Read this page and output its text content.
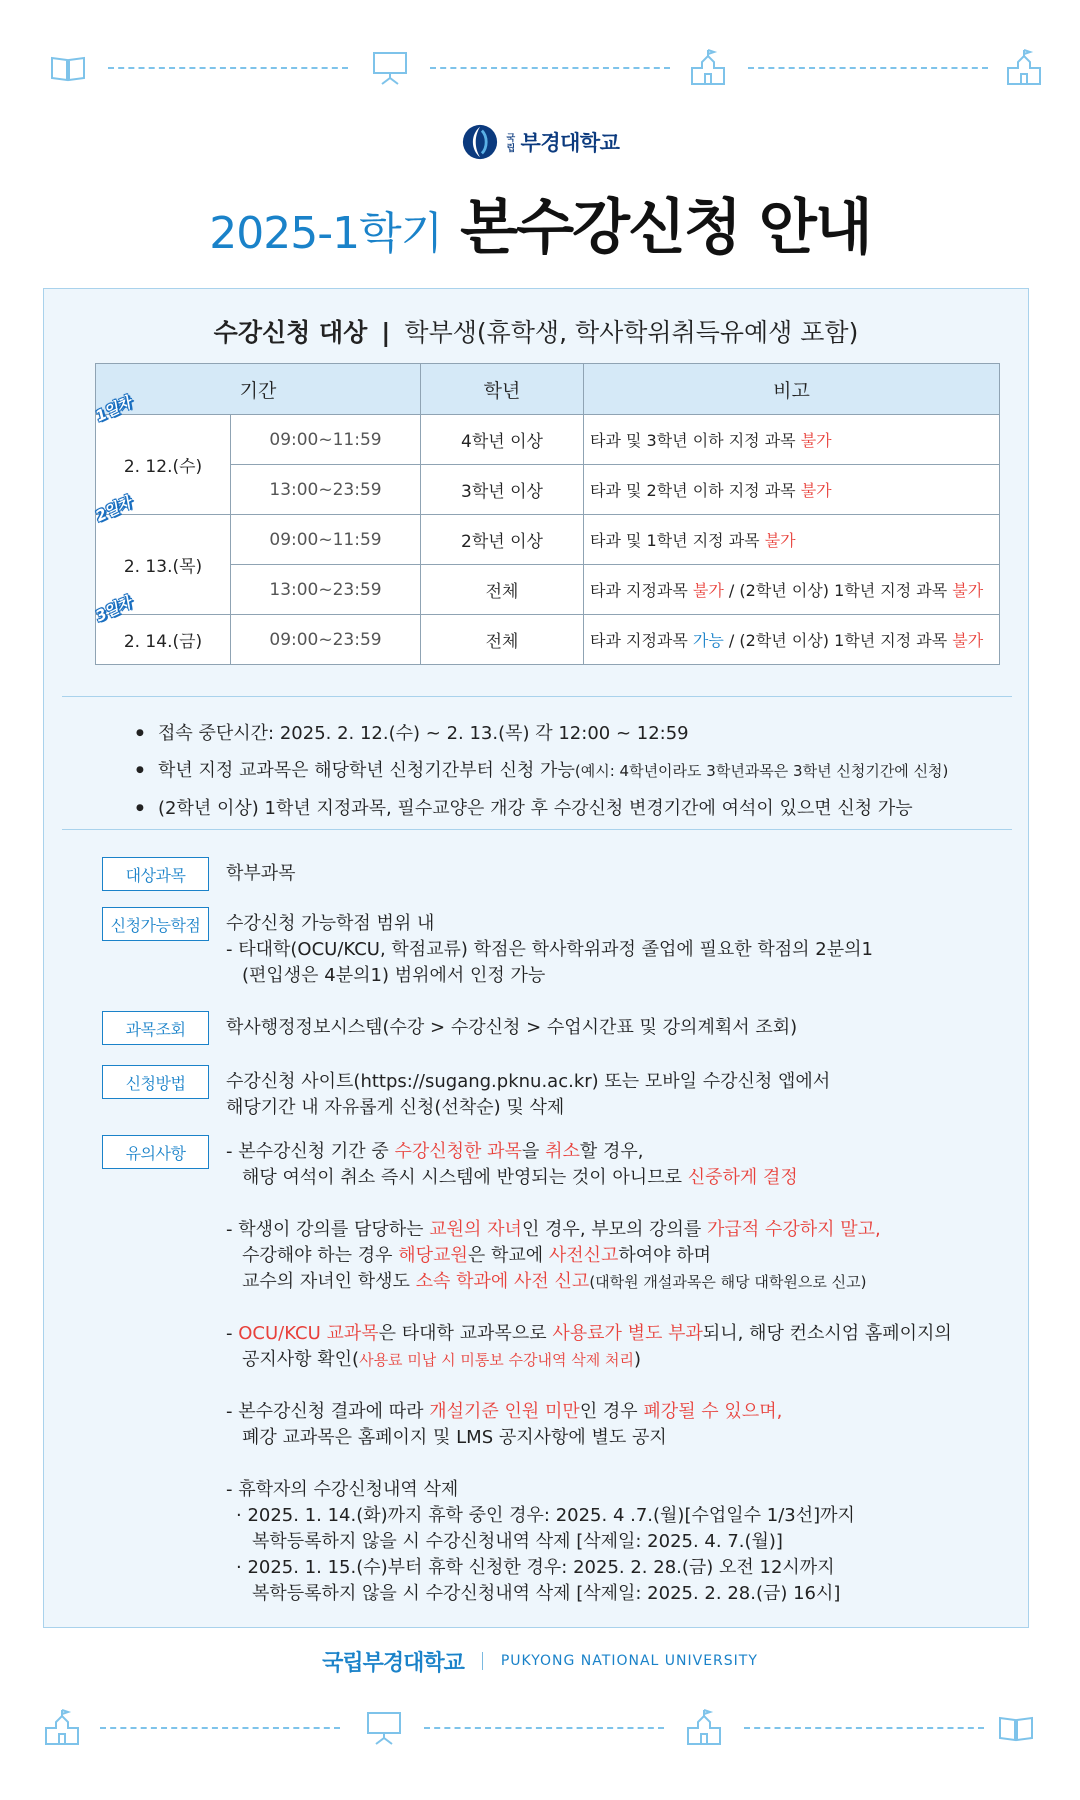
국립 부경대학교
2025-1학기 본수강신청 안내
수강신청 대상 | 학부생(휴학생, 학사학위취득유예생 포함)
기간		학년	비고
2. 12.(수)	09:00~11:59	4학년 이상	타과 및 3학년 이하 지정 과목 불가
	13:00~23:59	3학년 이상	타과 및 2학년 이하 지정 과목 불가
2. 13.(목)	09:00~11:59	2학년 이상	타과 및 1학년 지정 과목 불가
	13:00~23:59	전체	타과 지정과목 불가 / (2학년 이상) 1학년 지정 과목 불가
2. 14.(금)	09:00~23:59	전체	타과 지정과목 가능 / (2학년 이상) 1학년 지정 과목 불가
1일차
2일차
3일차
● 접속 중단시간: 2025. 2. 12.(수) ~ 2. 13.(목) 각 12:00 ~ 12:59
● 학년 지정 교과목은 해당학년 신청기간부터 신청 가능(예시: 4학년이라도 3학년과목은 3학년 신청기간에 신청)
● (2학년 이상) 1학년 지정과목, 필수교양은 개강 후 수강신청 변경기간에 여석이 있으면 신청 가능
대상과목	학부과목

신청가능학점	수강신청 가능학점 범위 내

- 타대학(OCU/KCU, 학점교류) 학점은 학사학위과정 졸업에 필요한 학점의 2분의1

(편입생은 4분의1) 범위에서 인정 가능

과목조회	학사행정정보시스템(수강 > 수강신청 > 수업시간표 및 강의계획서 조회)

신청방법	수강신청 사이트(https://sugang.pknu.ac.kr) 또는 모바일 수강신청 앱에서

해당기간 내 자유롭게 신청(선착순) 및 삭제

유의사항	- 본수강신청 기간 중 수강신청한 과목을 취소할 경우,

해당 여석이 취소 즉시 시스템에 반영되는 것이 아니므로 신중하게 결정

- 학생이 강의를 담당하는 교원의 자녀인 경우, 부모의 강의를 가급적 수강하지 말고,

수강해야 하는 경우 해당교원은 학교에 사전신고하여야 하며

교수의 자녀인 학생도 소속 학과에 사전 신고(대학원 개설과목은 해당 대학원으로 신고)

- OCU/KCU 교과목은 타대학 교과목으로 사용료가 별도 부과되니, 해당 컨소시엄 홈페이지의

공지사항 확인(사용료 미납 시 미통보 수강내역 삭제 처리)

- 본수강신청 결과에 따라 개설기준 인원 미만인 경우 폐강될 수 있으며,

폐강 교과목은 홈페이지 및 LMS 공지사항에 별도 공지

- 휴학자의 수강신청내역 삭제

· 2025. 1. 14.(화)까지 휴학 중인 경우: 2025. 4 .7.(월)[수업일수 1/3선]까지

복학등록하지 않을 시 수강신청내역 삭제 [삭제일: 2025. 4. 7.(월)]

· 2025. 1. 15.(수)부터 휴학 신청한 경우: 2025. 2. 28.(금) 오전 12시까지

복학등록하지 않을 시 수강신청내역 삭제 [삭제일: 2025. 2. 28.(금) 16시]

국립부경대학교	PUKYONG NATIONAL UNIVERSITY
